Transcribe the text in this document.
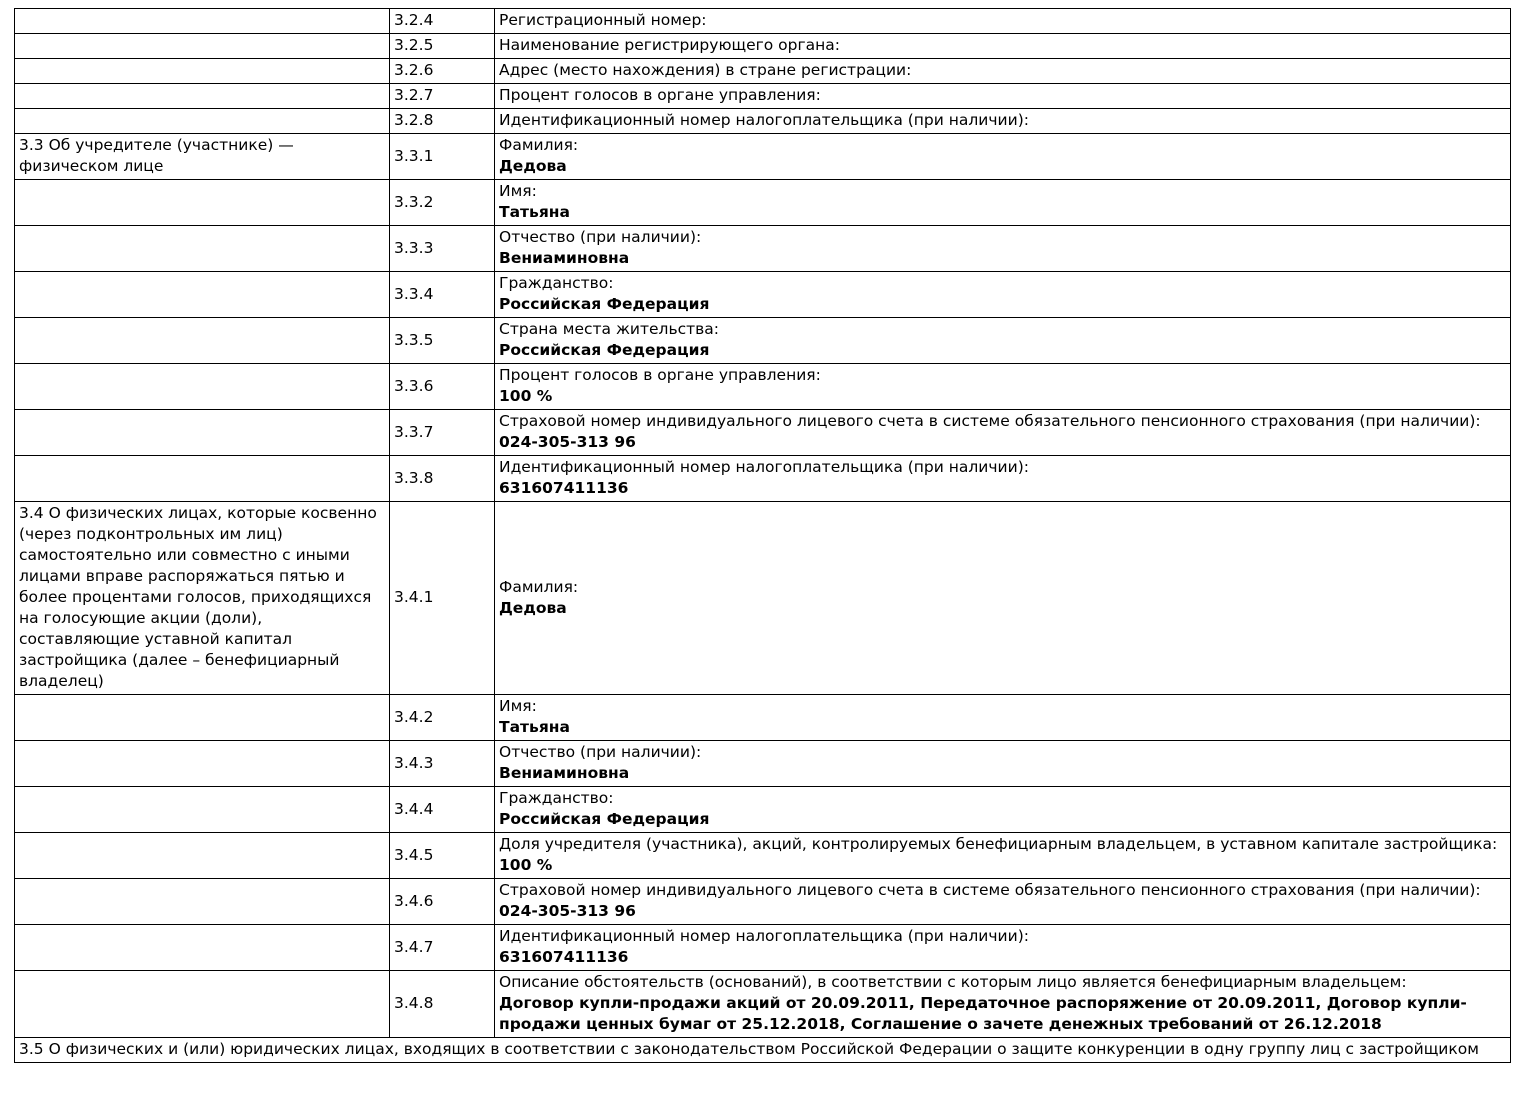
	3.2.4	Регистрационный номер:

	3.2.5	Наименование регистрирующего органа:

	3.2.6	Адрес (место нахождения) в стране регистрации:

	3.2.7	Процент голосов в органе управления:

	3.2.8	Идентификационный номер налогоплательщика (при наличии):

3.3 Об учредителе (участнике) — физическом лице	3.3.1	Фамилия:
Дедова

	3.3.2	Имя:
Татьяна

	3.3.3	Отчество (при наличии):
Вениаминовна

	3.3.4	Гражданство:
Российская Федерация

	3.3.5	Страна места жительства:
Российская Федерация

	3.3.6	Процент голосов в органе управления:
100 %

	3.3.7	Страховой номер индивидуального лицевого счета в системе обязательного пенсионного страхования (при наличии):
024-305-313 96

	3.3.8	Идентификационный номер налогоплательщика (при наличии):
631607411136

3.4 О физических лицах, которые косвенно (через подконтрольных им лиц) самостоятельно или совместно с иными лицами вправе распоряжаться пятью и более процентами голосов, приходящихся на голосующие акции (доли), составляющие уставной капитал застройщика (далее – бенефициарный владелец)	3.4.1	Фамилия:
Дедова

	3.4.2	Имя:
Татьяна

	3.4.3	Отчество (при наличии):
Вениаминовна

	3.4.4	Гражданство:
Российская Федерация

	3.4.5	Доля учредителя (участника), акций, контролируемых бенефициарным владельцем, в уставном капитале застройщика:
100 %

	3.4.6	Страховой номер индивидуального лицевого счета в системе обязательного пенсионного страхования (при наличии):
024-305-313 96

	3.4.7	Идентификационный номер налогоплательщика (при наличии):
631607411136

	3.4.8	Описание обстоятельств (оснований), в соответствии с которым лицо является бенефициарным владельцем:
Договор купли-продажи акций от 20.09.2011, Передаточное распоряжение от 20.09.2011, Договор купли-продажи ценных бумаг от 25.12.2018, Соглашение о зачете денежных требований от 26.12.2018

3.5 О физических и (или) юридических лицах, входящих в соответствии с законодательством Российской Федерации о защите конкуренции в одну группу лиц с застройщиком		
